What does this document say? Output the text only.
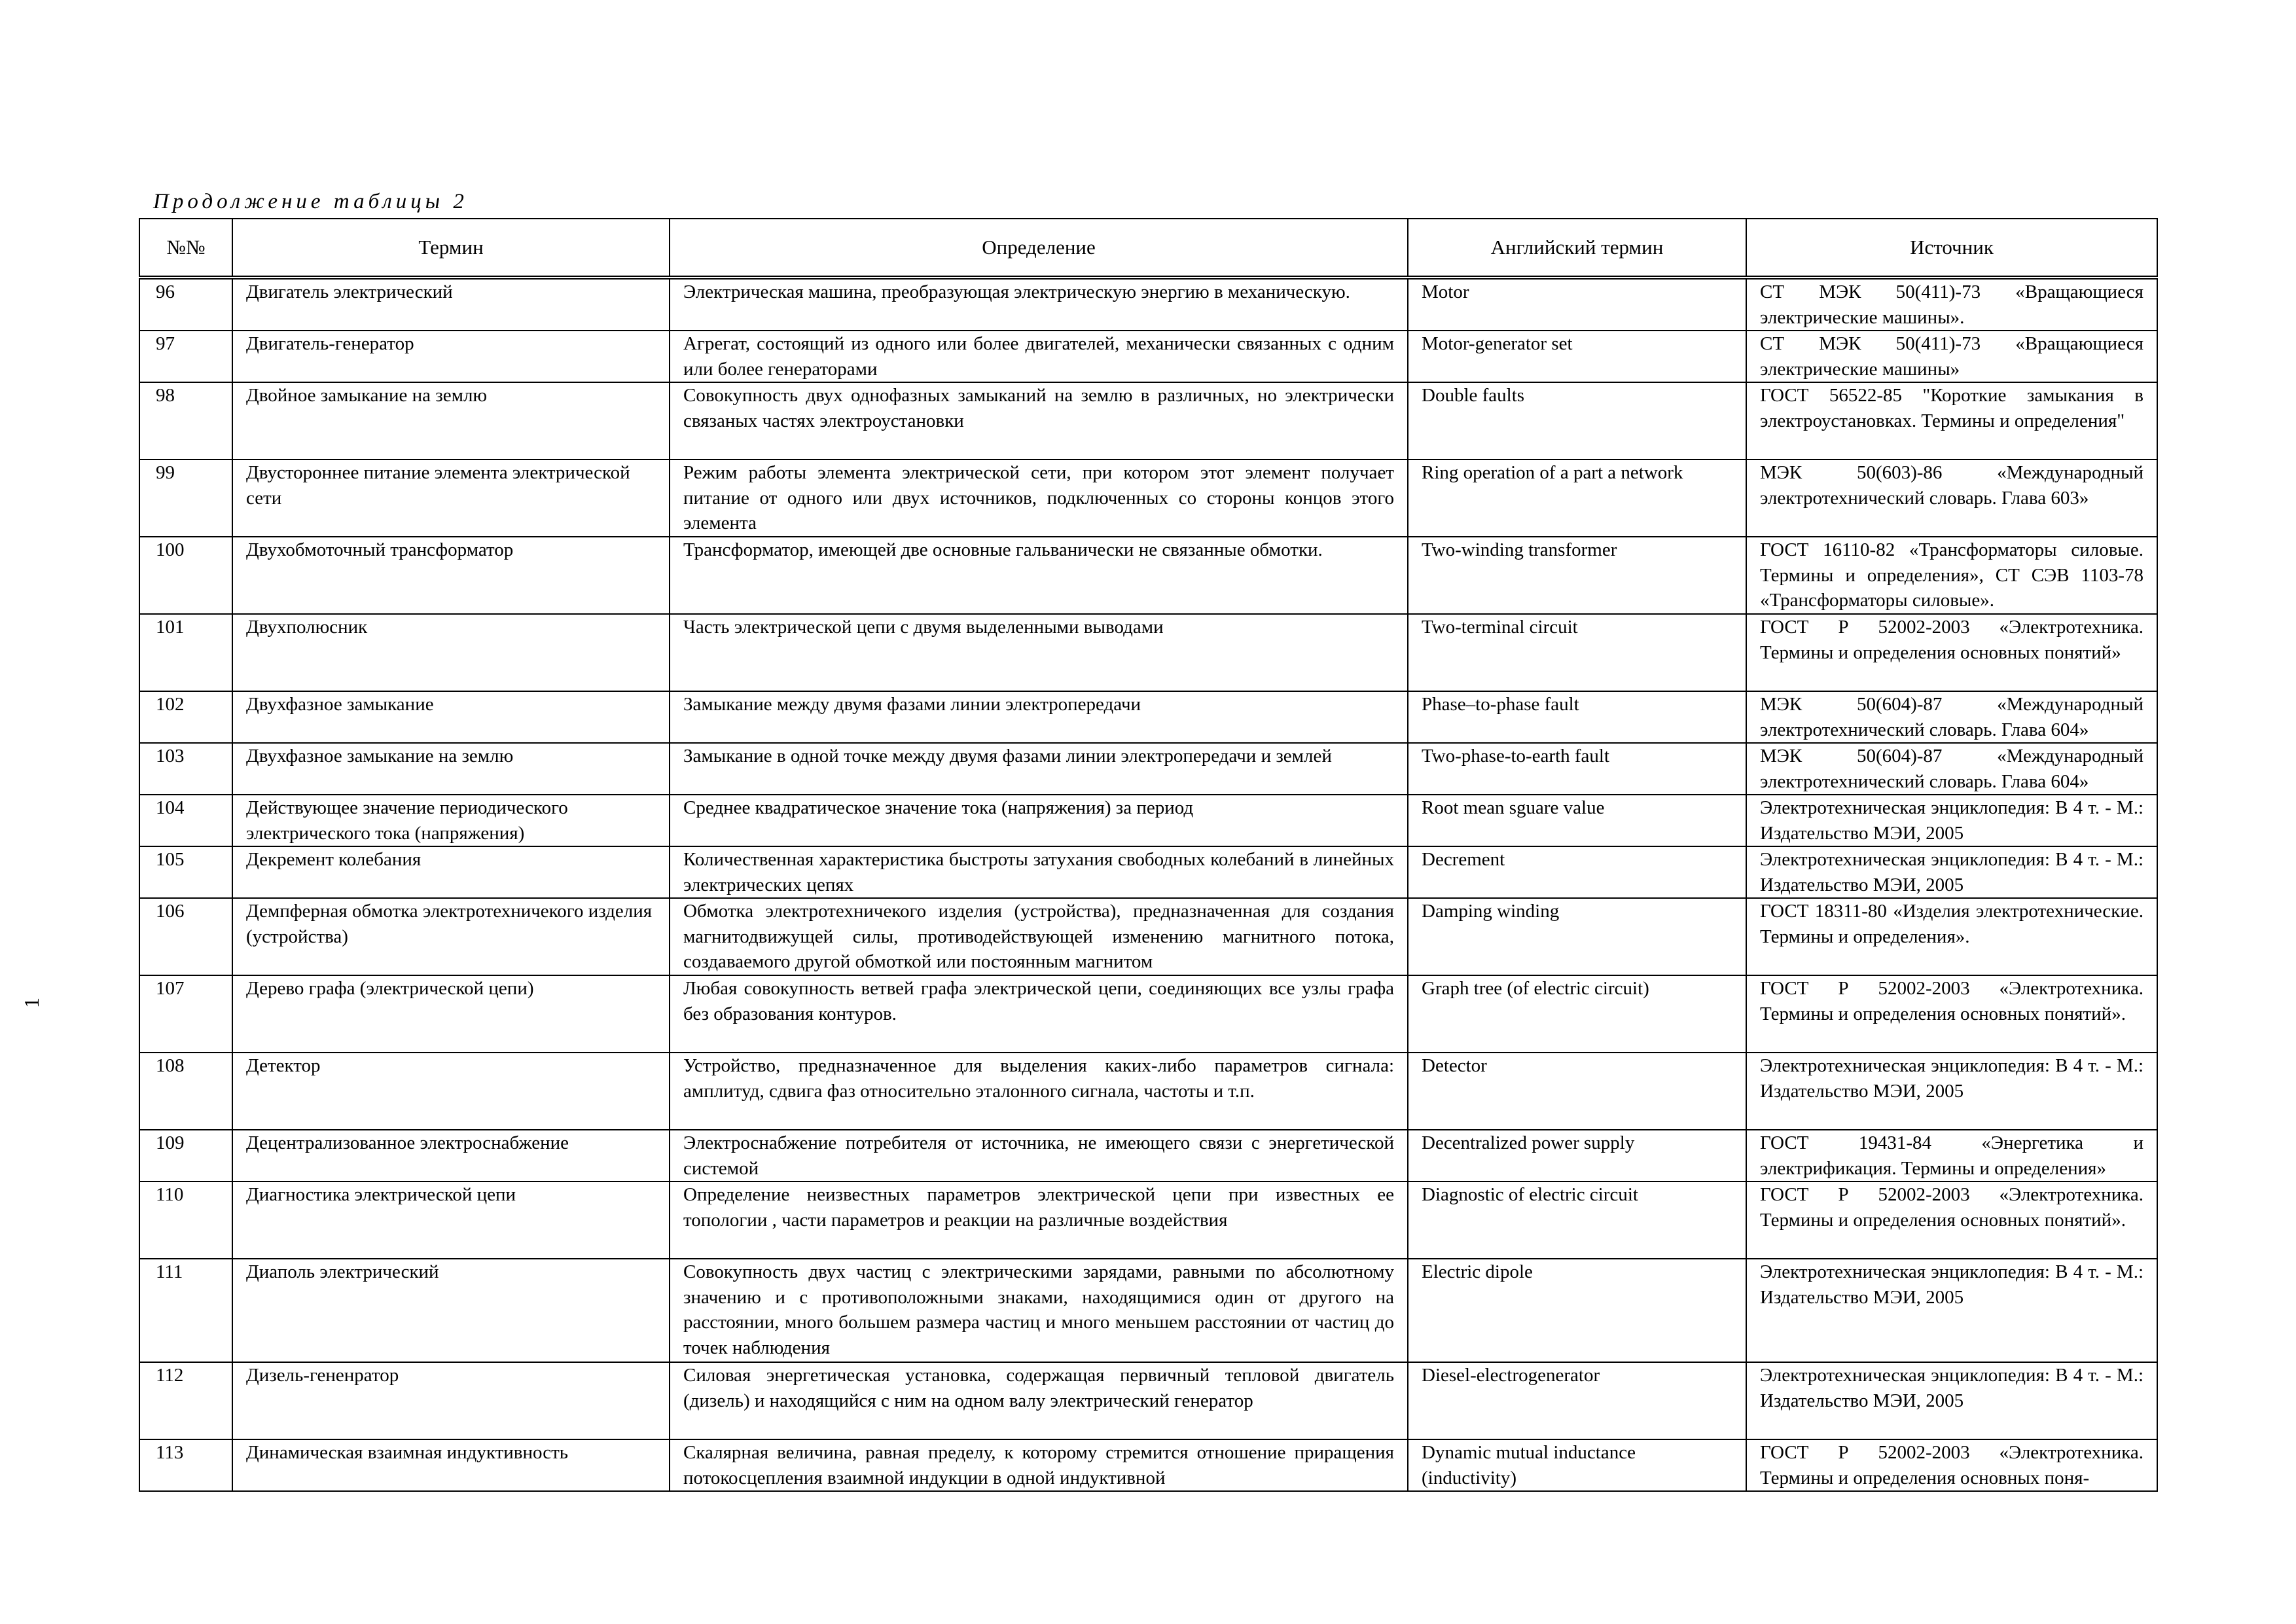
Продолжение таблицы 2
1
№№	Термин	Определение	Английский термин	Источник
96	Двигатель электрический	Электрическая машина, преобразующая электрическую энергию в механическую.	Motor	СТ МЭК 50(411)-73 «Вращающиеся электрические машины».
97	Двигатель-генератор	Агрегат, состоящий из одного или более двигателей, механически связанных с одним или более генераторами	Motor-generator set	СТ МЭК 50(411)-73 «Вращающиеся электрические машины»
98	Двойное замыкание на землю	Совокупность двух однофазных замыканий на землю в различных, но электрически связаных частях электроустановки	Double faults	ГОСТ 56522-85 "Короткие замыкания в электроустановках. Термины и определения"
99	Двустороннее питание элемента электрической сети	Режим работы элемента электрической сети, при котором этот элемент получает питание от одного или двух источников, подключенных со стороны концов этого элемента	Ring operation of a part a network	МЭК 50(603)-86 «Международный электротехнический словарь. Глава 603»
100	Двухобмоточный трансформатор	Трансформатор, имеющей две основные гальванически не связанные обмотки.	Two-winding transformer	ГОСТ 16110-82 «Трансформаторы силовые. Термины и определения», СТ СЭВ 1103-78 «Трансформаторы силовые».
101	Двухполюсник	Часть электрической цепи с двумя выделенными выводами	Two-terminal circuit	ГОСТ Р 52002-2003 «Электротехника. Термины и определения основных понятий»
102	Двухфазное замыкание	Замыкание между двумя фазами линии электропередачи	Phase–to-phase fault	МЭК 50(604)-87 «Международный электротехнический словарь. Глава 604»
103	Двухфазное замыкание на землю	Замыкание в одной точке между двумя фазами линии электропередачи и землей	Two-phase-to-earth fault	МЭК 50(604)-87 «Международный электротехнический словарь. Глава 604»
104	Действующее значение периодического электрического тока (напряжения)	Среднее квадратическое значение тока (напряжения) за период	Root mean sguare value	Электротехническая энциклопедия: В 4 т. - М.: Издательство МЭИ, 2005
105	Декремент колебания	Количественная характеристика быстроты затухания свободных колебаний в линейных электрических цепях	Decrement	Электротехническая энциклопедия: В 4 т. - М.: Издательство МЭИ, 2005
106	Демпферная обмотка электротехничекого изделия (устройства)	Обмотка электротехничекого изделия (устройства), предназначенная для создания магнитодвижущей силы, противодействующей изменению магнитного потока, создаваемого другой обмоткой или постоянным магнитом	Damping winding	ГОСТ 18311-80 «Изделия электротехнические. Термины и определения».
107	Дерево графа (электрической цепи)	Любая совокупность ветвей графа электрической цепи, соединяющих все узлы графа без образования контуров.	Graph tree (of electric circuit)	ГОСТ Р 52002-2003 «Электротехника. Термины и определения основных понятий».
108	Детектор	Устройство, предназначенное для выделения каких-либо параметров сигнала: амплитуд, сдвига фаз относительно эталонного сигнала, частоты и т.п.	Detector	Электротехническая энциклопедия: В 4 т. - М.: Издательство МЭИ, 2005
109	Децентрализованное электроснабжение	Электроснабжение потребителя от источника, не имеющего связи с энергетической системой	Decentralized power supply	ГОСТ 19431-84 «Энергетика и электрификация. Термины и определения»
110	Диагностика электрической цепи	Определение неизвестных параметров электрической цепи при известных ее топологии , части параметров и реакции на различные воздействия	Diagnostic of electric circuit	ГОСТ Р 52002-2003 «Электротехника. Термины и определения основных понятий».
111	Диаполь электрический	Совокупность двух частиц с электрическими зарядами, равными по абсолютному значению и с противоположными знаками, находящимися один от другого на расстоянии, много большем размера частиц и много меньшем расстоянии от частиц до точек наблюдения	Electric dipole	Электротехническая энциклопедия: В 4 т. - М.: Издательство МЭИ, 2005
112	Дизель-гененратор	Силовая энергетическая установка, содержащая первичный тепловой двигатель (дизель) и находящийся с ним на одном валу электрический генератор	Diesel-electrogenerator	Электротехническая энциклопедия: В 4 т. - М.: Издательство МЭИ, 2005
113	Динамическая взаимная индуктивность	Скалярная величина, равная пределу, к которому стремится отношение приращения потокосцепления взаимной индукции в одной индуктивной	Dynamic mutual inductance (inductivity)	ГОСТ Р 52002-2003 «Электротехника. Термины и определения основных поня-
